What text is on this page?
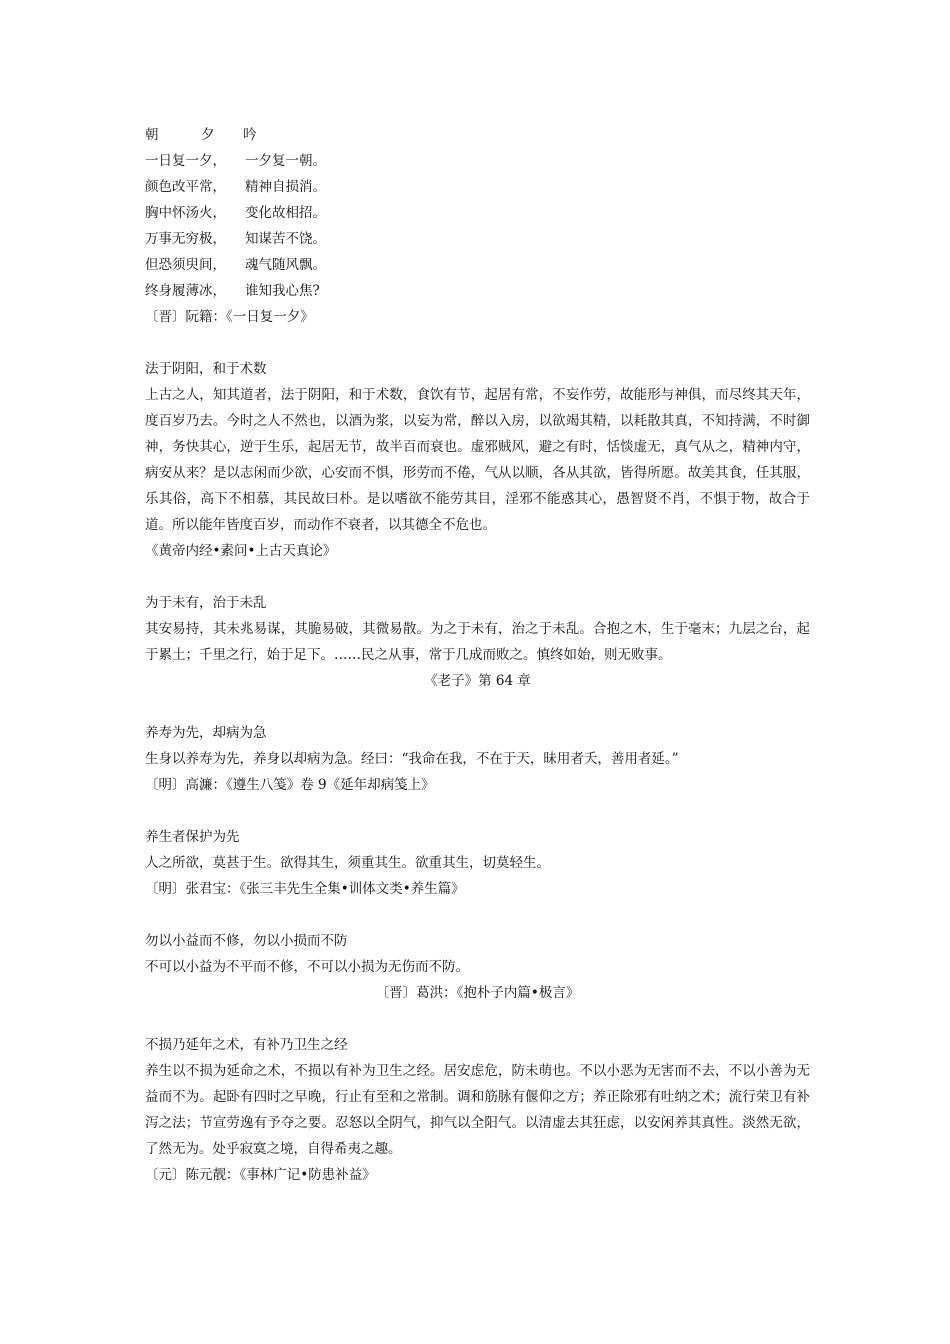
朝	夕 吟
一日复一夕， 一夕复一朝。
颜色改平常， 精神自损消。
胸中怀汤火， 变化故相招。
万事无穷极， 知谋苦不饶。
但恐须臾间， 魂气随风飘。
终身履薄冰， 谁知我心焦?
〔晋〕阮籍：《一日复一夕》
法于阴阳，和于术数
上古之人，知其道者，法于阴阳，和于术数，食饮有节，起居有常，不妄作劳，故能形与神俱，而尽终其天年，度百岁乃去。今时之人不然也，以酒为浆，以妄为常，醉以入房，以欲竭其精，以耗散其真，不知持满，不时御神，务快其心，逆于生乐，起居无节，故半百而衰也。虚邪贼风，避之有时，恬惔虚无，真气从之，精神内守，病安从来？是以志闲而少欲，心安而不惧，形劳而不倦，气从以顺，各从其欲，皆得所愿。故美其食，任其服，乐其俗，高下不相慕，其民故曰朴。是以嗜欲不能劳其目，淫邪不能惑其心，愚智贤不肖，不惧于物，故合于道。所以能年皆度百岁，而动作不衰者，以其德全不危也。
《黄帝内经•素问•上古天真论》
为于未有，治于未乱
其安易持，其未兆易谋，其脆易破，其微易散。为之于未有，治之于未乱。合抱之木，生于毫末；九层之台，起于累土；千里之行，始于足下。……民之从事，常于几成而败之。慎终如始，则无败事。
《老子》第 64 章
养寿为先，却病为急
生身以养寿为先，养身以却病为急。经曰：“我命在我，不在于天，昧用者夭，善用者延。”
〔明〕高濂：《遵生八笺》卷 9《延年却病笺上》
养生者保护为先
人之所欲，莫甚于生。欲得其生，须重其生。欲重其生，切莫轻生。
〔明〕张君宝：《张三丰先生全集•训体文类•养生篇》
勿以小益而不修，勿以小损而不防
不可以小益为不平而不修，不可以小损为无伤而不防。
〔晋〕葛洪：《抱朴子内篇•极言》
不损乃延年之术，有补乃卫生之经
养生以不损为延命之术，不损以有补为卫生之经。居安虑危，防未萌也。不以小恶为无害而不去，不以小善为无益而不为。起卧有四时之早晚，行止有至和之常制。调和筋脉有偃仰之方；养正除邪有吐纳之术；流行荣卫有补泻之法；节宣劳逸有予夺之要。忍怒以全阴气，抑气以全阳气。以清虚去其狂虑，以安闲养其真性。淡然无欲，了然无为。处乎寂寞之境，自得希夷之趣。
〔元〕陈元靓：《事林广记•防患补益》
